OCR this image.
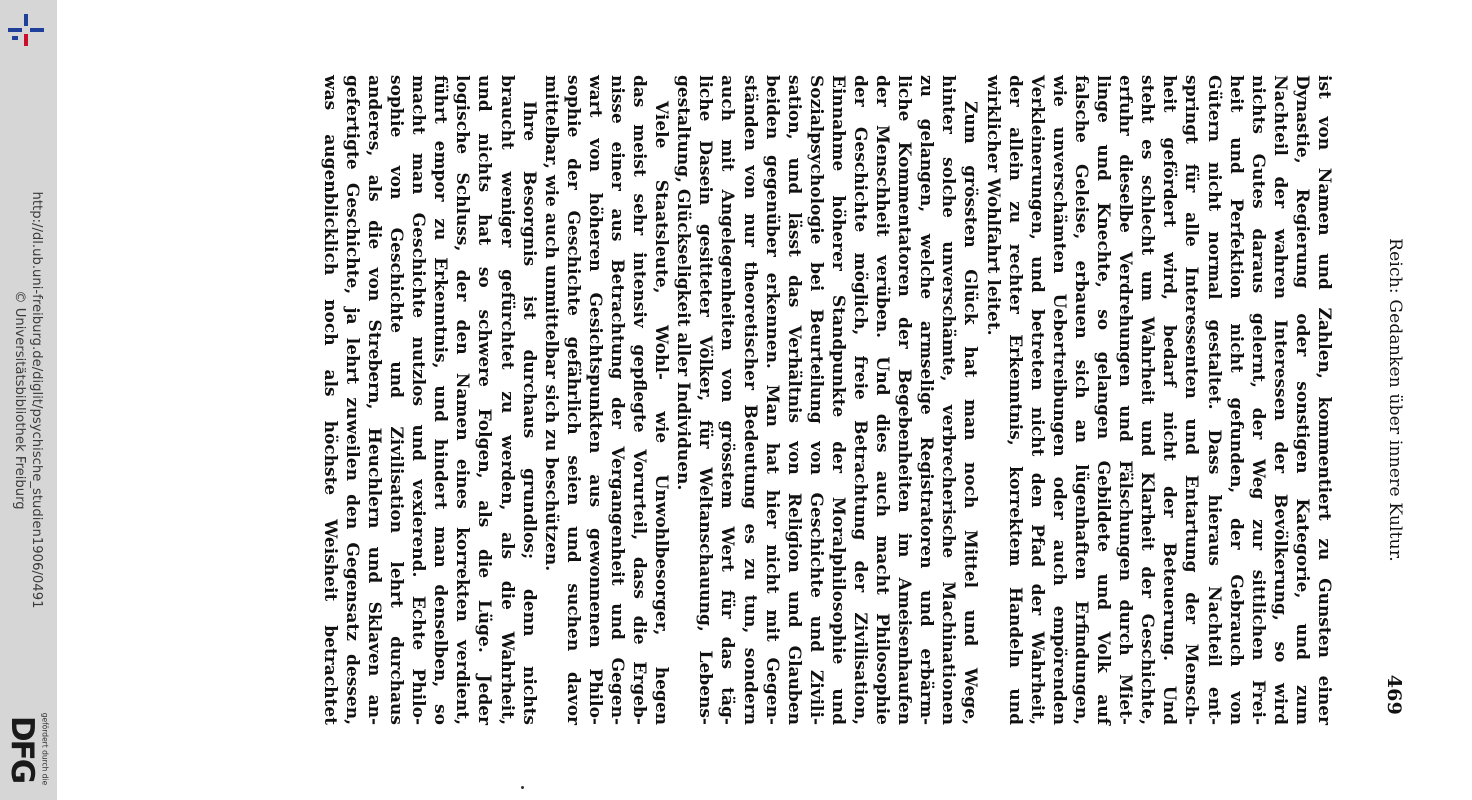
http://dl.ub.uni-freiburg.de/diglit/psychische_studien1906/0491
© Universitätsbibliothek Freiburg
gefördert durch die
DFG
Reich: Gedanken über innere Kultur.
469
ist von Namen und Zahlen, kommentiert zu Gunsten einer
Dynastie, Regierung oder sonstigen Kategorie, und zum
Nachteil der wahren Interessen der Bevölkerung, so wird
nichts Gutes daraus gelernt, der Weg zur sittlichen Frei-
heit und Perfektion nicht gefunden, der Gebrauch von
Gütern nicht normal gestaltet. Dass hieraus Nachteil ent-
springt für alle Interessenten und Entartung der Mensch-
heit gefördert wird, bedarf nicht der Beteuerung. Und
steht es schlecht um Wahrheit und Klarheit der Geschichte,
erfuhr dieselbe Verdrehungen und Fälschungen durch Miet-
linge und Knechte, so gelangen Gebildete und Volk auf
falsche Geleise, erbauen sich an lügenhaften Erfindungen,
wie unverschämten Uebertreibungen oder auch empörenden
Verkleinerungen, und betreten nicht den Pfad der Wahrheit,
der allein zu rechter Erkenntnis, korrektem Handeln und
wirklicher Wohlfahrt leitet.
Zum grössten Glück hat man noch Mittel und Wege,
hinter solche unverschämte, verbrecherische Machinationen
zu gelangen, welche armselige Registratoren und erbärm-
liche Kommentatoren der Begebenheiten im Ameisenhaufen
der Menschheit verüben. Und dies auch macht Philosophie
der Geschichte möglich, freie Betrachtung der Zivilisation,
Einnahme höherer Standpunkte der Moralphilosophie und
Sozialpsychologie bei Beurteilung von Geschichte und Zivili-
sation, und lässt das Verhältnis von Religion und Glauben
beiden gegenüber erkennen. Man hat hier nicht mit Gegen-
ständen von nur theoretischer Bedeutung es zu tun, sondern
auch mit Angelegenheiten von grösstem Wert für das täg-
liche Dasein gesitteter Völker, für Weltanschauung, Lebens-
gestaltung, Glückseligkeit aller Individuen.
Viele Staatsleute, Wohl- wie Unwohlbesorger, hegen
das meist sehr intensiv gepflegte Vorurteil, dass die Ergeb-
nisse einer aus Betrachtung der Vergangenheit und Gegen-
wart von höheren Gesichtspunkten aus gewonnenen Philo-
sophie der Geschichte gefährlich seien und suchen davor
mittelbar, wie auch unmittelbar sich zu beschützen.
Ihre Besorgnis ist durchaus grundlos; denn nichts
braucht weniger gefürchtet zu werden, als die Wahrheit,
und nichts hat so schwere Folgen, als die Lüge. Jeder
logische Schluss, der den Namen eines korrekten verdient,
führt empor zu Erkenntnis, und hindert man denselben, so
macht man Geschichte nutzlos und vexierend. Echte Philo-
sophie von Geschichte und Zivilisation lehrt durchaus
anderes, als die von Strebern, Heuchlern und Sklaven an-
gefertigte Geschichte, ja lehrt zuweilen den Gegensatz dessen,
was augenblicklich noch als höchste Weisheit betrachtet
